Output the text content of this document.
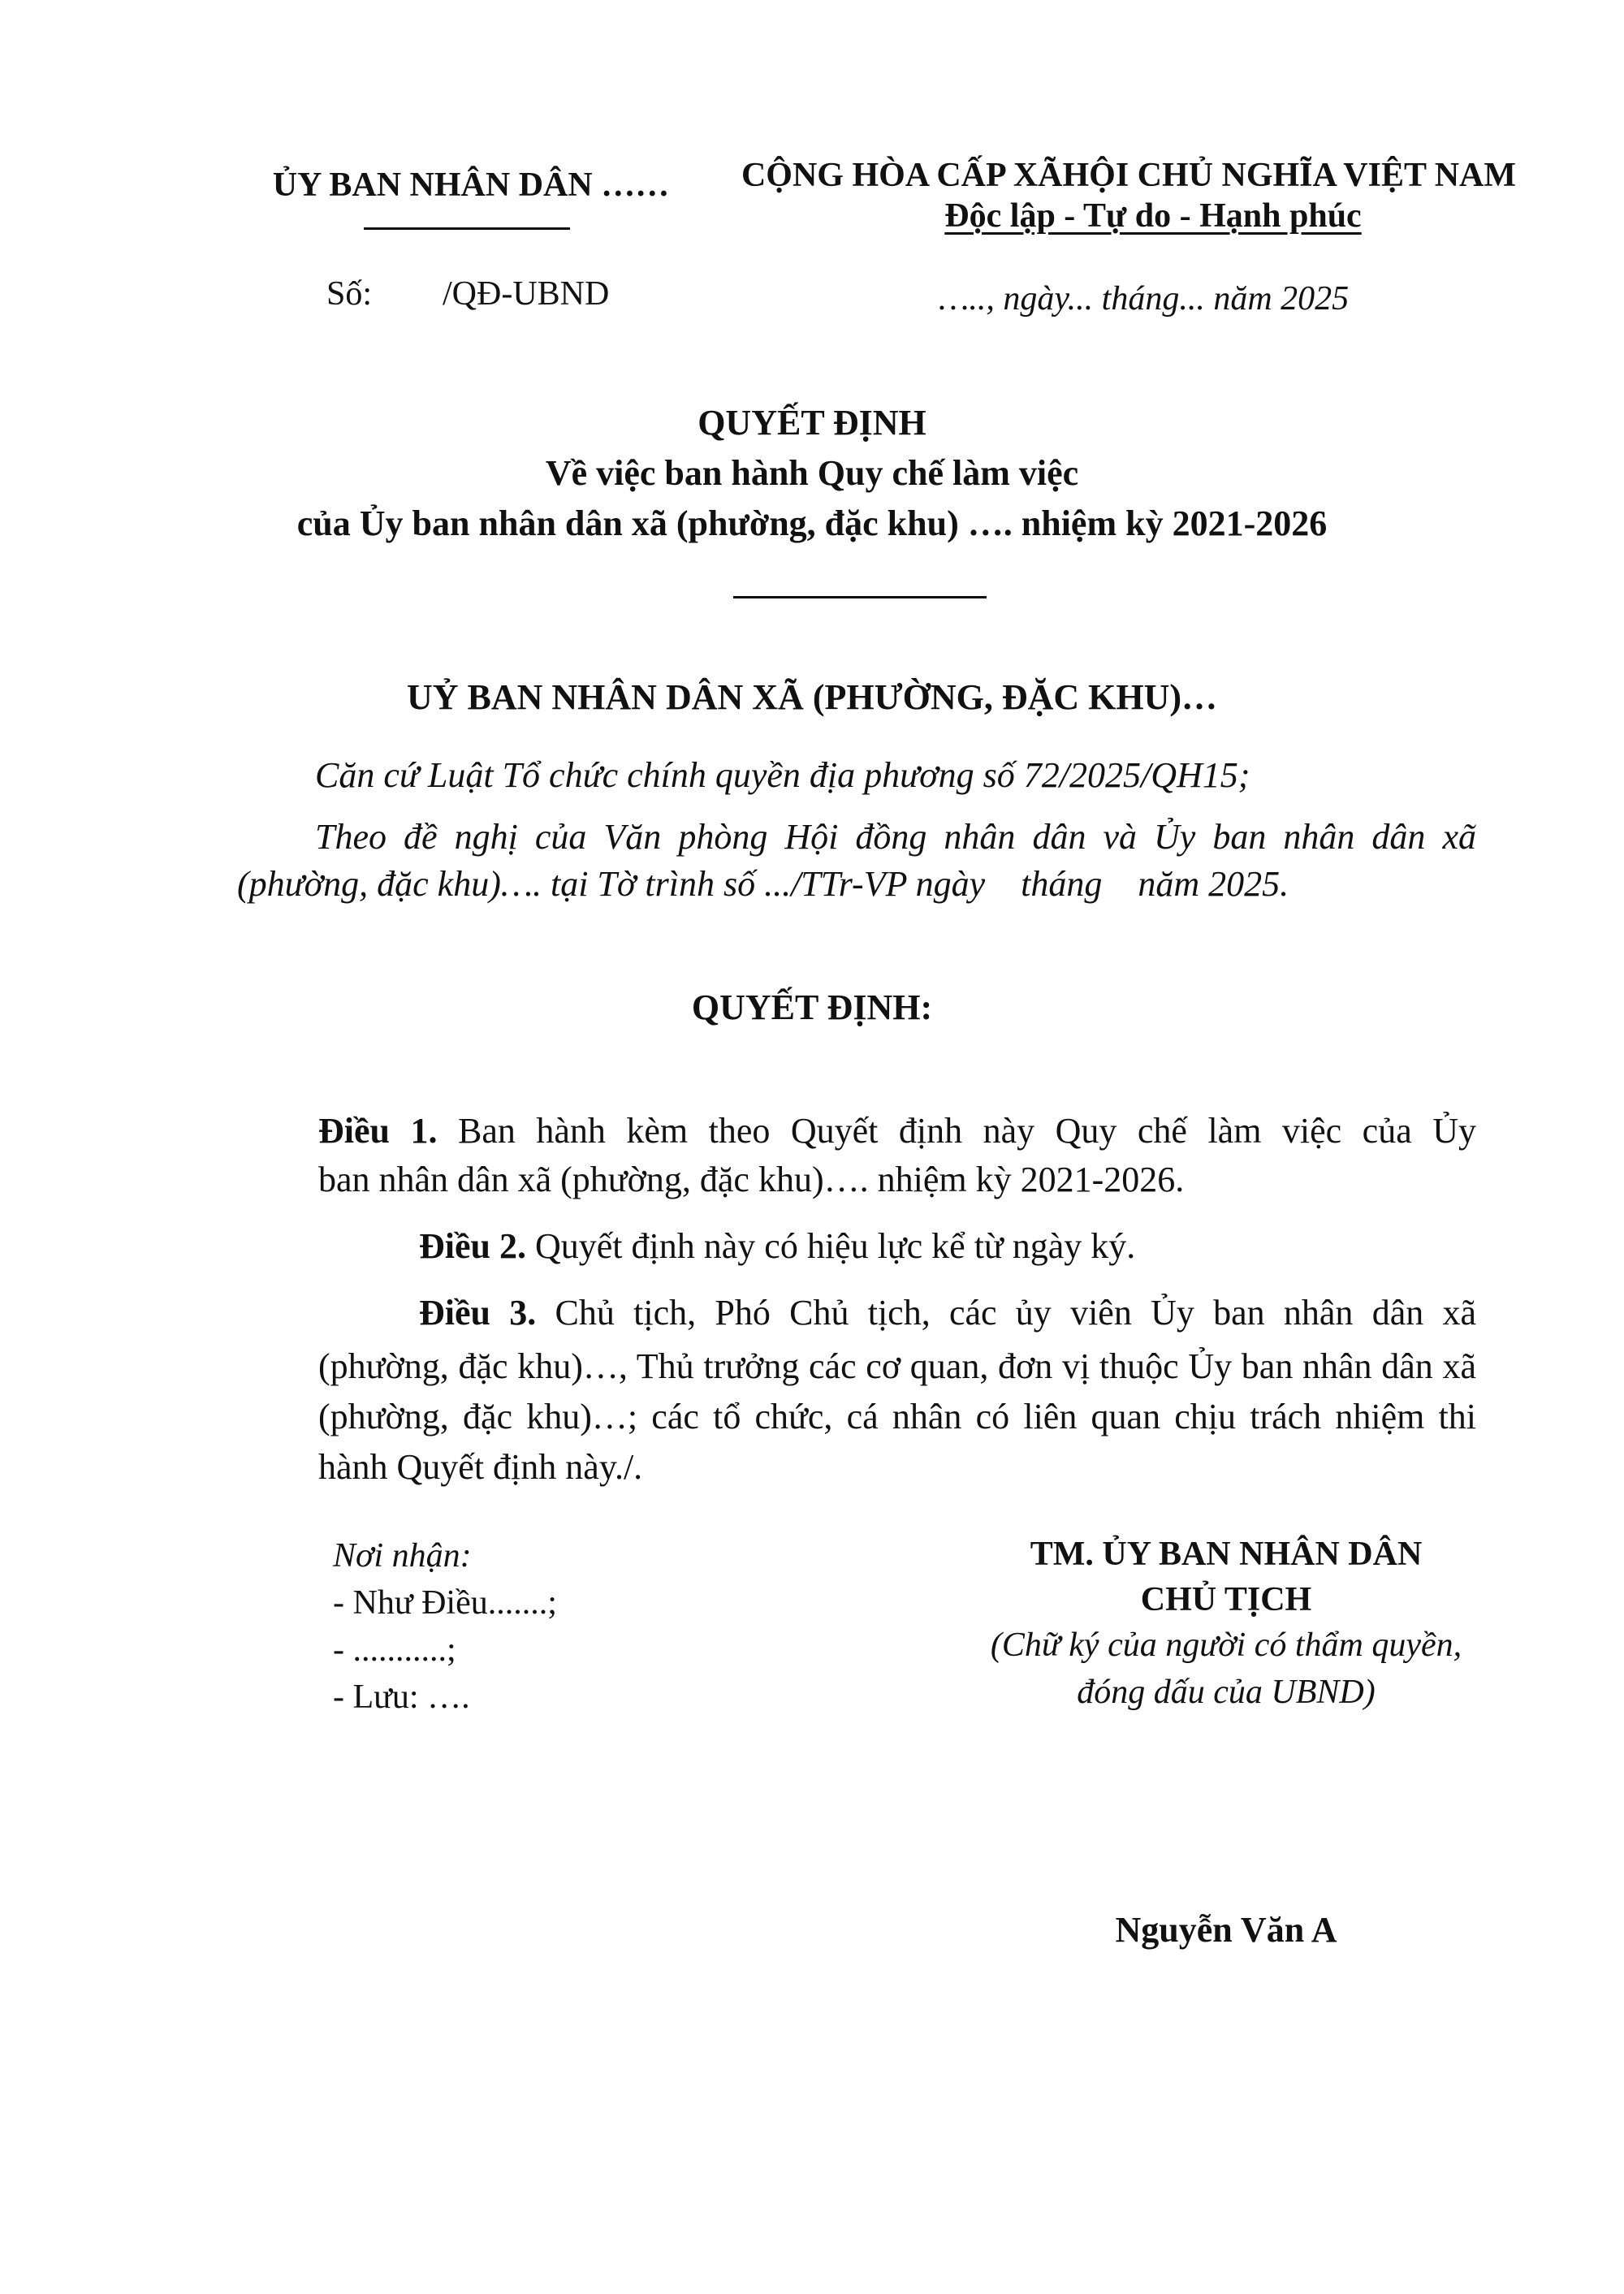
ỦY BAN NHÂN DÂN ……
Số: /QĐ-UBND
CỘNG HÒA CẤP XÃHỘI CHỦ NGHĨA VIỆT NAM
Độc lập - Tự do - Hạnh phúc
….., ngày... tháng... năm 2025
QUYẾT ĐỊNH
Về việc ban hành Quy chế làm việc
của Ủy ban nhân dân xã (phường, đặc khu) …. nhiệm kỳ 2021-2026
UỶ BAN NHÂN DÂN XÃ (PHƯỜNG, ĐẶC KHU)…
Căn cứ Luật Tổ chức chính quyền địa phương số 72/2025/QH15;
Theo đề nghị của Văn phòng Hội đồng nhân dân và Ủy ban nhân dân xã
(phường, đặc khu)…. tại Tờ trình số .../TTr-VP ngày    tháng    năm 2025.
QUYẾT ĐỊNH:
Điều 1. Ban hành kèm theo Quyết định này Quy chế làm việc của Ủy
ban nhân dân xã (phường, đặc khu)…. nhiệm kỳ 2021-2026.
Điều 2. Quyết định này có hiệu lực kể từ ngày ký.
Điều 3. Chủ tịch, Phó Chủ tịch, các ủy viên Ủy ban nhân dân xã
(phường, đặc khu)…, Thủ trưởng các cơ quan, đơn vị thuộc Ủy ban nhân dân xã (phường, đặc khu)…; các tổ chức, cá nhân có liên quan chịu trách nhiệm thi hành Quyết định này./.
Nơi nhận:
- Như Điều.......;
- ...........;
- Lưu: ….
TM. ỦY BAN NHÂN DÂN
CHỦ TỊCH
(Chữ ký của người có thẩm quyền,
đóng dấu của UBND)
Nguyễn Văn A
